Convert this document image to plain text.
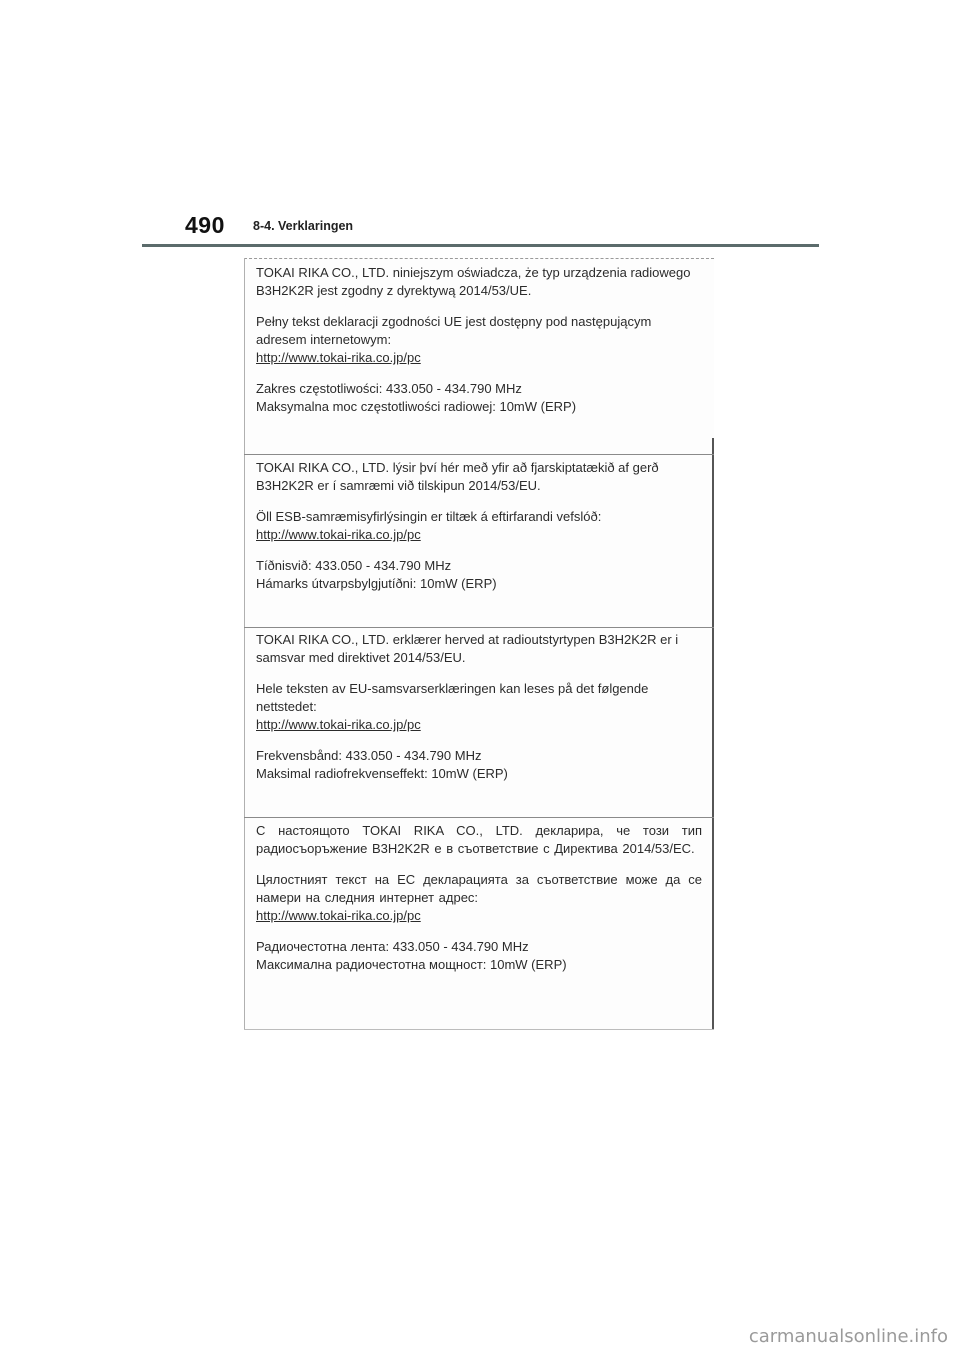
490 8-4. Verklaringen

TOKAI RIKA CO., LTD. niniejszym oświadcza, że typ urządzenia radiowego B3H2K2R jest zgodny z dyrektywą 2014/53/UE.

Pełny tekst deklaracji zgodności UE jest dostępny pod następującym adresem internetowym:

http://www.tokai-rika.co.jp/pc

Zakres częstotliwości: 433.050 - 434.790 MHz

Maksymalna moc częstotliwości radiowej: 10mW (ERP)

TOKAI RIKA CO., LTD. lýsir því hér með yfir að fjarskiptatækið af gerð B3H2K2R er í samræmi við tilskipun 2014/53/EU.

Öll ESB-samræmisyfirlýsingin er tiltæk á eftirfarandi vefslóð:

http://www.tokai-rika.co.jp/pc

Tíðnisvið: 433.050 - 434.790 MHz

Hámarks útvarpsbylgjutíðni: 10mW (ERP)

TOKAI RIKA CO., LTD. erklærer herved at radioutstyrtypen B3H2K2R er i samsvar med direktivet 2014/53/EU.

Hele teksten av EU-samsvarserklæringen kan leses på det følgende nettstedet:

http://www.tokai-rika.co.jp/pc

Frekvensbånd: 433.050 - 434.790 MHz

Maksimal radiofrekvenseffekt: 10mW (ERP)

С настоящото TOKAI RIKA CO., LTD. декларира, че този тип радиосъоръжение B3H2K2R е в съответствие с Директива 2014/53/ЕС.

Цялостният текст на ЕС декларацията за съответствие може да се намери на следния интернет адрес:

http://www.tokai-rika.co.jp/pc

Радиочестотна лента: 433.050 - 434.790 MHz

Максимална радиочестотна мощност: 10mW (ERP)

carmanualsonline.info
